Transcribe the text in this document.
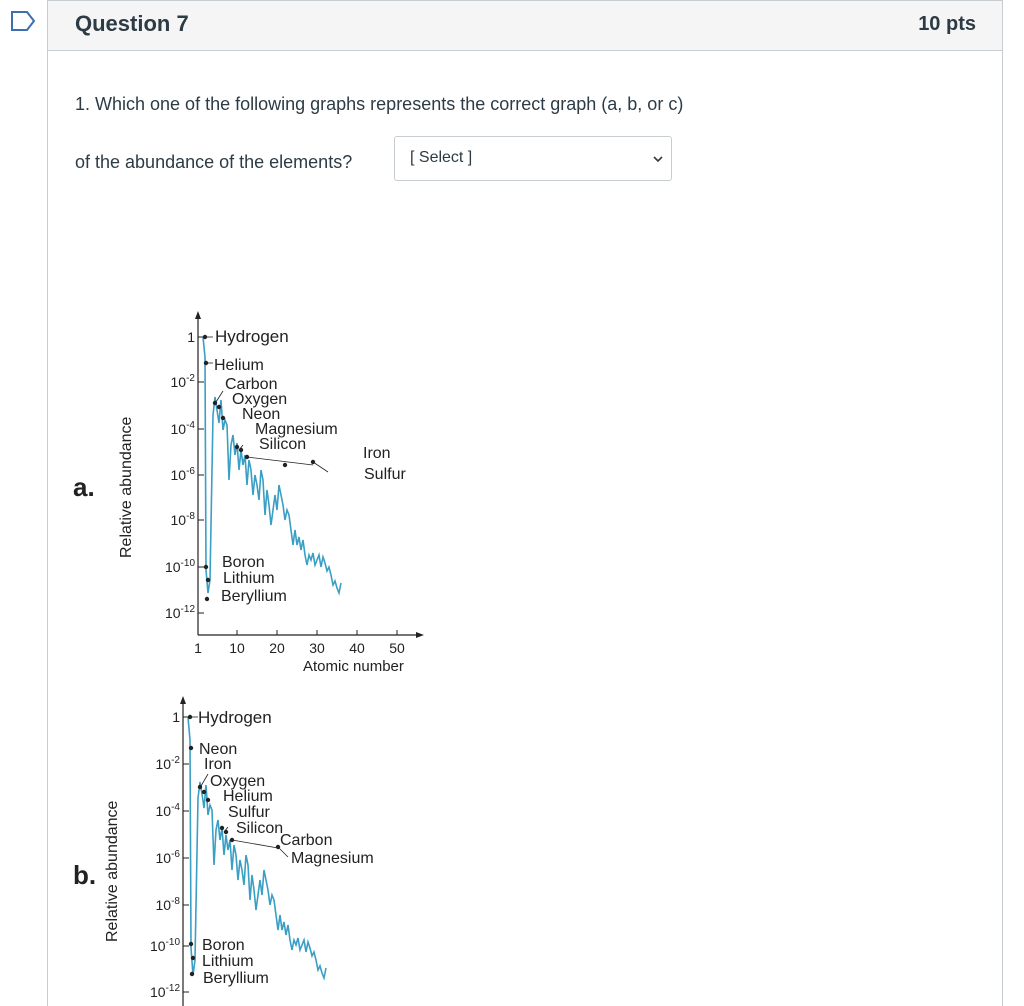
Question 7	10 pts
1. Which one of the following graphs represents the correct graph (a, b, or c)
of the abundance of the elements?	[ Select ]
a. Relative abundance
1
$10^{-2}$
$10^{-4}$
$10^{-6}$
$10^{-8}$
$10^{-10}$
$10^{-12}$
1 10 20 30 40 50
Atomic number
Hydrogen
Helium
Carbon
Oxygen
Neon
Magnesium
Silicon
Iron
Sulfur
Boron
Lithium
Beryllium
b. Relative abundance
1
$10^{-2}$
$10^{-4}$
$10^{-6}$
$10^{-8}$
$10^{-10}$
$10^{-12}$
Hydrogen
Neon
Iron
Oxygen
Helium
Sulfur
Silicon
Carbon
Magnesium
Boron
Lithium
Beryllium
